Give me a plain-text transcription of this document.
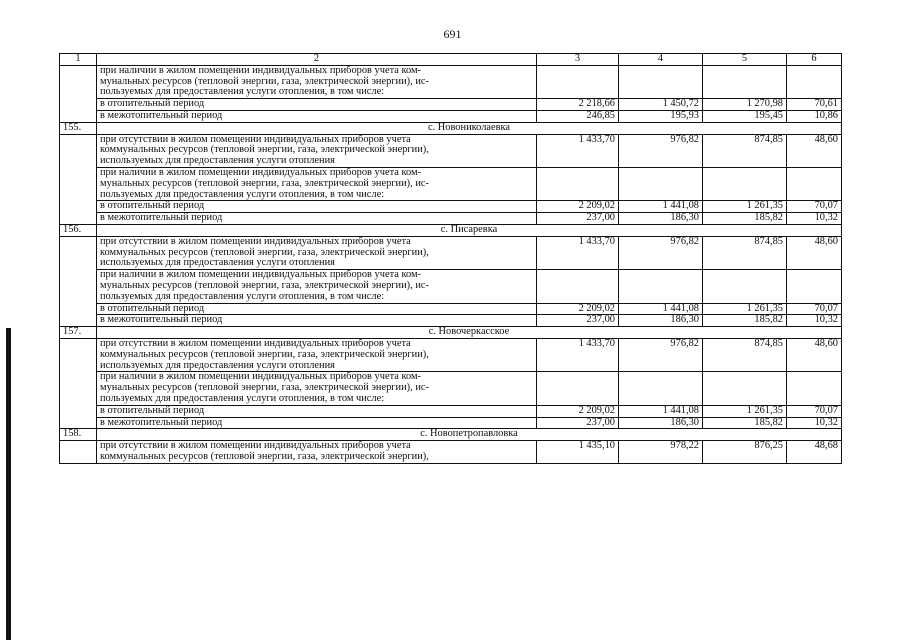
691
1	2	3	4	5	6

	при наличии в жилом помещении индивидуальных приборов учета ком-
мунальных ресурсов (тепловой энергии, газа, электрической энергии), ис-
пользуемых для предоставления услуги отопления, в том числе:				

	в отопительный период	2 218,66	1 450,72	1 270,98	70,61
	в межотопительный период	246,85	195,93	195,45	10,86
155.	с. Новониколаевка				

	при отсутствии в жилом помещении индивидуальных приборов учета
коммунальных ресурсов (тепловой энергии, газа, электрической энергии),
используемых для предоставления услуги отопления	1 433,70	976,82	874,85	48,60

	при наличии в жилом помещении индивидуальных приборов учета ком-
мунальных ресурсов (тепловой энергии, газа, электрической энергии), ис-
пользуемых для предоставления услуги отопления, в том числе:				

	в отопительный период	2 209,02	1 441,08	1 261,35	70,07
	в межотопительный период	237,00	186,30	185,82	10,32
156.	с. Писаревка				

	при отсутствии в жилом помещении индивидуальных приборов учета
коммунальных ресурсов (тепловой энергии, газа, электрической энергии),
используемых для предоставления услуги отопления	1 433,70	976,82	874,85	48,60

	при наличии в жилом помещении индивидуальных приборов учета ком-
мунальных ресурсов (тепловой энергии, газа, электрической энергии), ис-
пользуемых для предоставления услуги отопления, в том числе:				

	в отопительный период	2 209,02	1 441,08	1 261,35	70,07
	в межотопительный период	237,00	186,30	185,82	10,32
157.	с. Новочеркасское				

	при отсутствии в жилом помещении индивидуальных приборов учета
коммунальных ресурсов (тепловой энергии, газа, электрической энергии),
используемых для предоставления услуги отопления	1 433,70	976,82	874,85	48,60

	при наличии в жилом помещении индивидуальных приборов учета ком-
мунальных ресурсов (тепловой энергии, газа, электрической энергии), ис-
пользуемых для предоставления услуги отопления, в том числе:				

	в отопительный период	2 209,02	1 441,08	1 261,35	70,07
	в межотопительный период	237,00	186,30	185,82	10,32
158.	с. Новопетропавловка				

	при отсутствии в жилом помещении индивидуальных приборов учета
коммунальных ресурсов (тепловой энергии, газа, электрической энергии),	1 435,10	978,22	876,25	48,68
